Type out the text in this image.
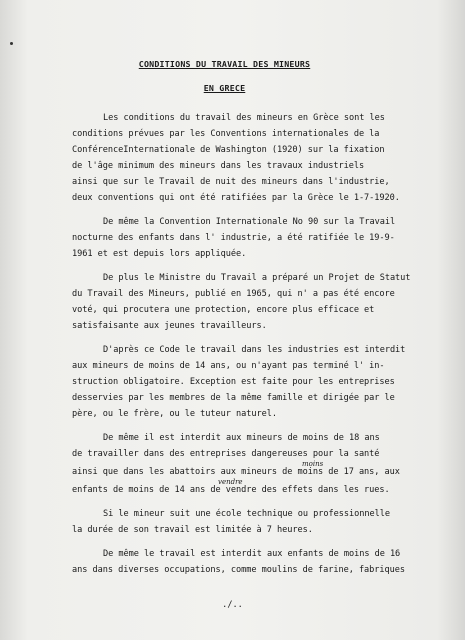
CONDITIONS DU TRAVAIL DES MINEURS
EN GRECE
Les conditions du travail des mineurs en Grèce sont les
conditions prévues par les Conventions internationales de la
ConférenceInternationale de Washington (1920) sur la fixation
de l'âge minimum des mineurs dans les travaux industriels
ainsi que sur le Travail de nuit des mineurs dans l'industrie,
deux conventions qui ont été ratifiées par la Grèce le 1-7-1920.
De même la Convention Internationale No 90 sur la Travail
nocturne des enfants dans l' industrie, a été ratifiée le 19-9-
1961 et est depuis lors appliquée.
De plus le Ministre du Travail a préparé un Projet de Statut
du Travail des Mineurs, publié en 1965, qui n' a pas été encore
voté, qui procutera une protection, encore plus efficace et
satisfaisante aux jeunes travailleurs.
D'après ce Code le travail dans les industries est interdit
aux mineurs de moins de 14 ans, ou n'ayant pas terminé l' in-
struction obligatoire. Exception est faite pour les entreprises
desservies par les membres de la même famille et dirigée par le
père, ou le frère, ou le tuteur naturel.
De même il est interdit aux mineurs de moins de 18 ans
de travailler dans des entreprises dangereuses pour la santé
moins
ainsi que dans les abattoirs aux mineurs de moins de 17 ans, aux
vendre
enfants de moins de 14 ans de vendre des effets dans les rues.
Si le mineur suit une école technique ou professionnelle
la durée de son travail est limitée à 7 heures.
De même le travail est interdit aux enfants de moins de 16
ans dans diverses occupations, comme moulins de farine, fabriques
./..
